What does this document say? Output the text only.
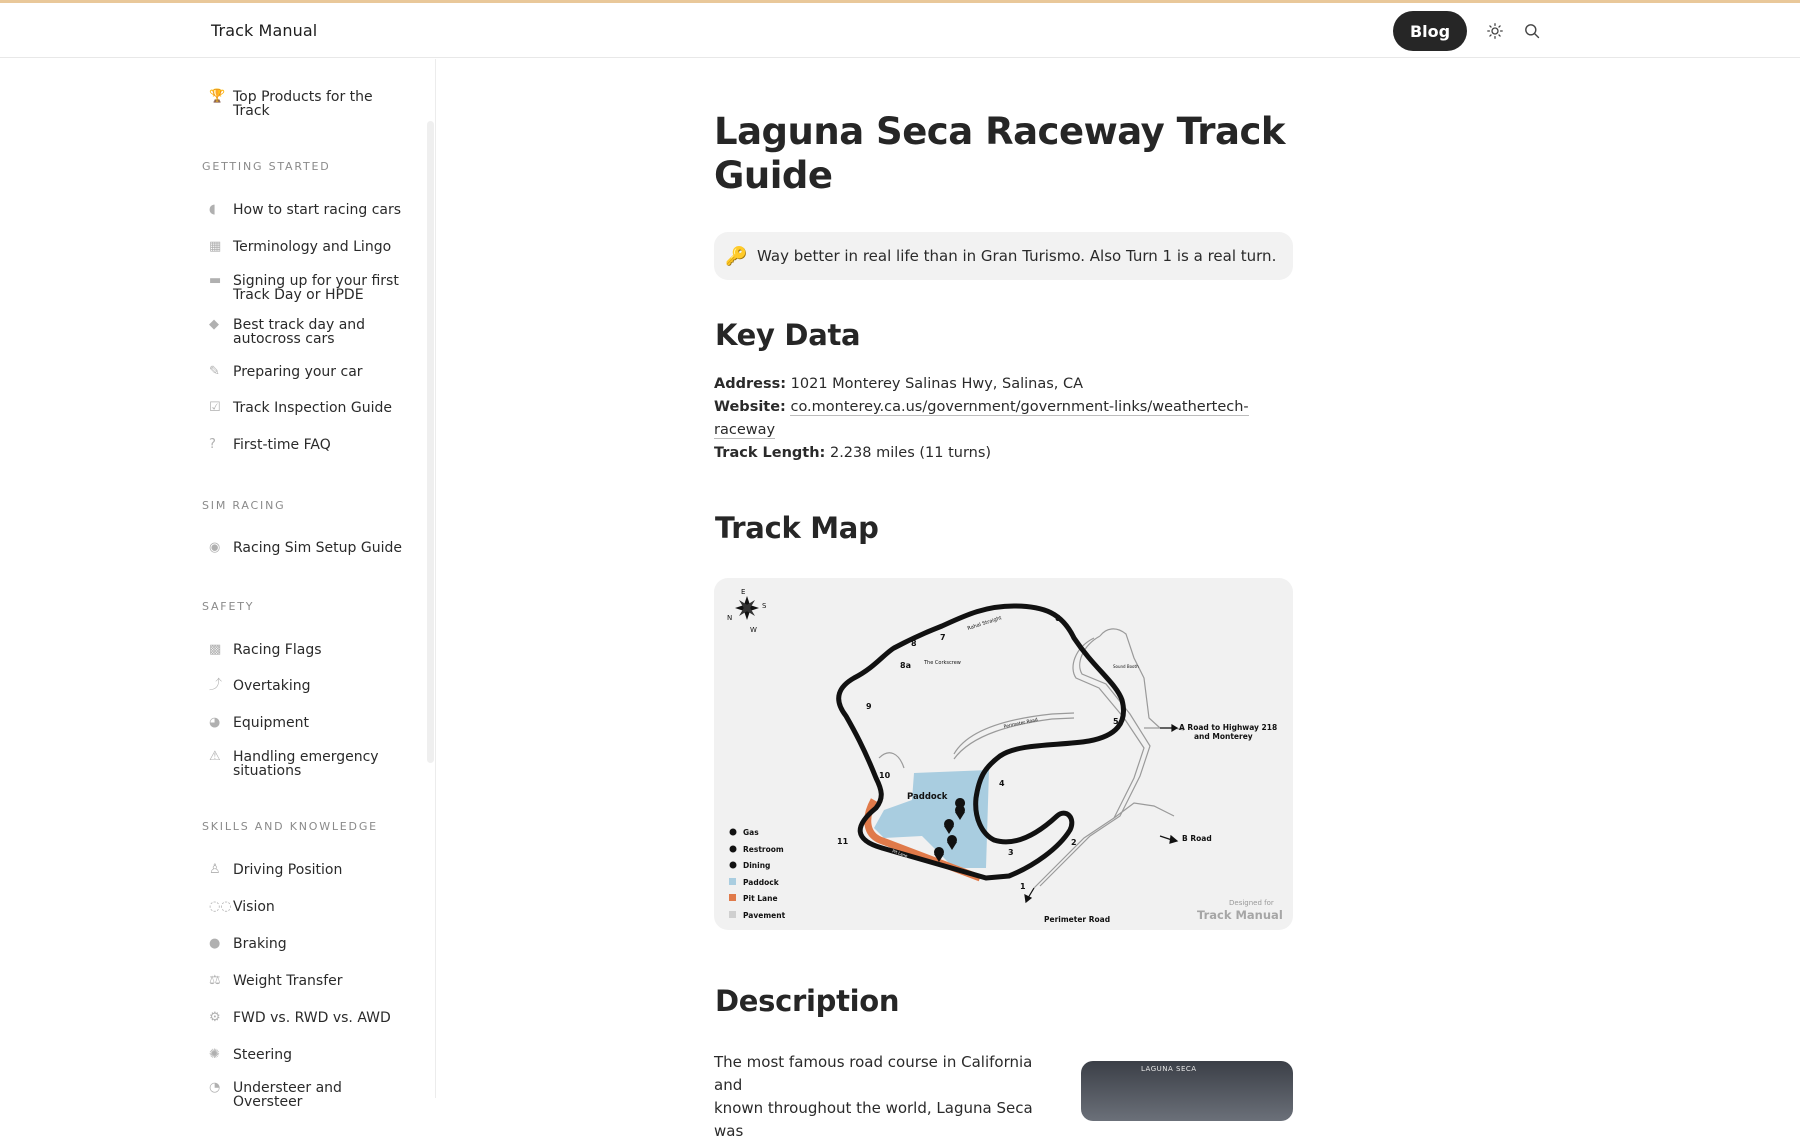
Track Manual	Blog
🏆 Top Products for the
Track
GETTING STARTED
◖	How to start racing cars
▦ Terminology and Lingo
▬ Signing up for your first
Track Day or HPDE
◆	Best track day and
autocross cars
✎ Preparing your car
☑ Track Inspection Guide
?	First-time FAQ
SIM RACING
◉ Racing Sim Setup Guide
SAFETY
▩ Racing Flags
⤴ Overtaking
◕ Equipment
⚠ Handling emergency
situations
SKILLS AND KNOWLEDGE
♙ Driving Position
◌◌ Vision
● Braking
⚖ Weight Transfer
⚙ FWD vs. RWD vs. AWD
✺ Steering
◔ Understeer and
Oversteer
Laguna Seca Raceway Track
Guide
🔑 Way better in real life than in Gran Turismo. Also Turn 1 is a real turn.
Key Data
Address: 1021 Monterey Salinas Hwy, Salinas, CA
Website: co.monterey.ca.us/government/government-links/weathertech-
raceway
Track Length: 2.238 miles (11 turns)
Track Map
E
N
S
W
1
2
3
4
5
6
7
8
8a
9
10
11
Rahal Straight
The Corkscrew
Perimeter Road
Sound Booth
A Road to Highway 218
and Monterey
B Road
Perimeter Road
Paddock
Pit Lane
Designed for
Track Manual
Gas
Restroom
Dining
Paddock
Pit Lane
Pavement
Description
The most famous road course in California and
known throughout the world, Laguna Seca was
LAGUNA SECA
